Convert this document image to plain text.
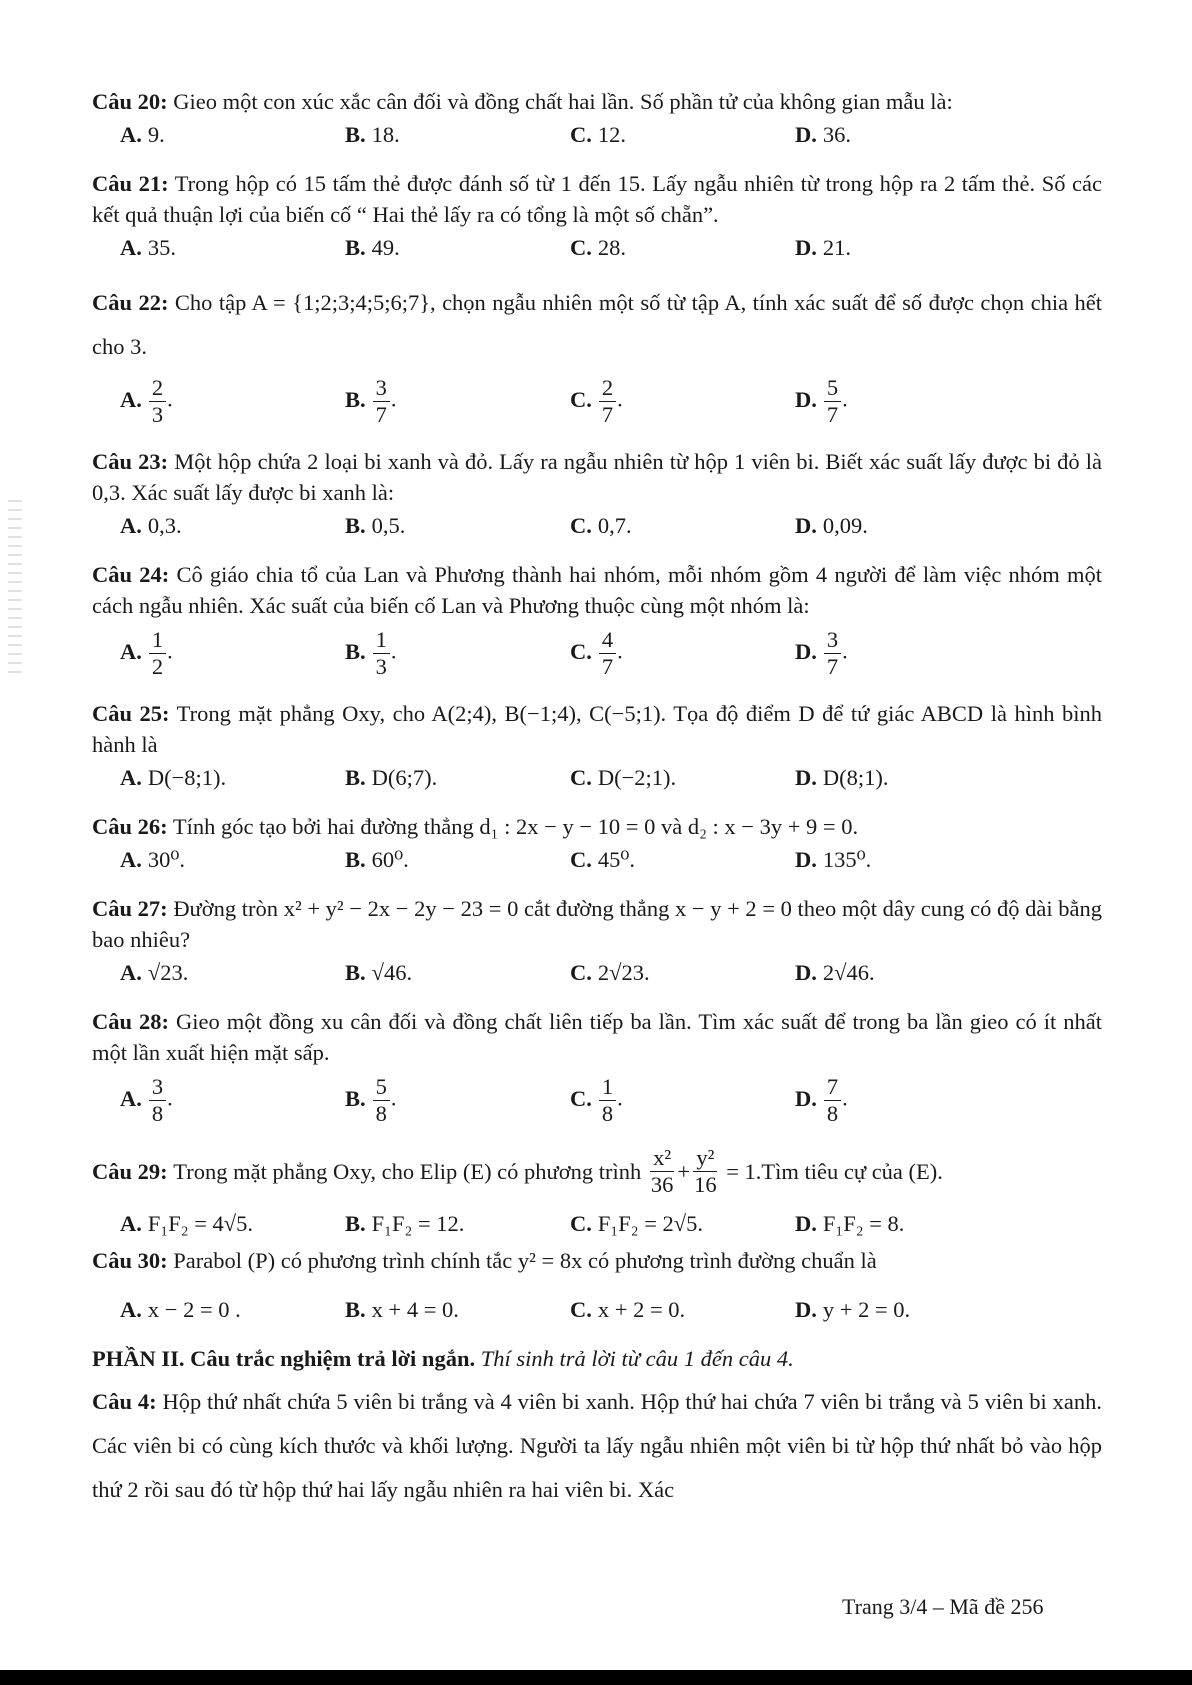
Câu 20: Gieo một con xúc xắc cân đối và đồng chất hai lần. Số phần tử của không gian mẫu là:
A. 9.	B. 18.	C. 12.	D. 36.
Câu 21: Trong hộp có 15 tấm thẻ được đánh số từ 1 đến 15. Lấy ngẫu nhiên từ trong hộp ra 2 tấm thẻ. Số các kết quả thuận lợi của biến cố “ Hai thẻ lấy ra có tổng là một số chẵn”.
A. 35.	B. 49.	C. 28.	D. 21.
Câu 22: Cho tập A = {1;2;3;4;5;6;7}, chọn ngẫu nhiên một số từ tập A, tính xác suất để số được chọn chia hết cho 3.
A. $\frac{2}{3}$ .	B. $\frac{3}{7}$ .	C. $\frac{2}{7}$ .	D. $\frac{5}{7}$ .
Câu 23: Một hộp chứa 2 loại bi xanh và đỏ. Lấy ra ngẫu nhiên từ hộp 1 viên bi. Biết xác suất lấy được bi đỏ là 0,3. Xác suất lấy được bi xanh là:
A. 0,3.	B. 0,5.	C. 0,7.	D. 0,09.
Câu 24: Cô giáo chia tổ của Lan và Phương thành hai nhóm, mỗi nhóm gồm 4 người để làm việc nhóm một cách ngẫu nhiên. Xác suất của biến cố Lan và Phương thuộc cùng một nhóm là:
A. $\frac{1}{2}$ .	B. $\frac{1}{3}$ .	C. $\frac{4}{7}$ .	D. $\frac{3}{7}$ .
Câu 25: Trong mặt phẳng Oxy, cho A(2;4), B(−1;4), C(−5;1). Tọa độ điểm D để tứ giác ABCD là hình bình hành là
A. D(−8;1).	B. D(6;7).	C. D(−2;1).	D. D(8;1).
Câu 26: Tính góc tạo bởi hai đường thẳng d₁ : 2x − y − 10 = 0 và d₂ : x − 3y + 9 = 0.
A. 30⁰.	B. 60⁰.	C. 45⁰.	D. 135⁰.
Câu 27: Đường tròn x² + y² − 2x − 2y − 23 = 0 cắt đường thẳng x − y + 2 = 0 theo một dây cung có độ dài bằng bao nhiêu?
A. √23.	B. √46.	C. 2√23.	D. 2√46.
Câu 28: Gieo một đồng xu cân đối và đồng chất liên tiếp ba lần. Tìm xác suất để trong ba lần gieo có ít nhất một lần xuất hiện mặt sấp.
A. $\frac{3}{8}$ .	B. $\frac{5}{8}$ .	C. $\frac{1}{8}$ .	D. $\frac{7}{8}$ .
Câu 29:
Trong mặt phẳng Oxy, cho Elip (E) có phương trình
$\frac{\text{x²}}{36} + \frac{\text{y²}}{16}$
= 1.Tìm tiêu cự của (E).
A. F₁F₂ = 4√5.	B. F₁F₂ = 12.	C. F₁F₂ = 2√5.	D. F₁F₂ = 8.
Câu 30: Parabol (P) có phương trình chính tắc y² = 8x có phương trình đường chuẩn là
A. x − 2 = 0 .	B. x + 4 = 0.	C. x + 2 = 0.	D. y + 2 = 0.
PHẦN II. Câu trắc nghiệm trả lời ngắn. Thí sinh trả lời từ câu 1 đến câu 4.
Câu 4: Hộp thứ nhất chứa 5 viên bi trắng và 4 viên bi xanh. Hộp thứ hai chứa 7 viên bi trắng và 5 viên bi xanh. Các viên bi có cùng kích thước và khối lượng. Người ta lấy ngẫu nhiên một viên bi từ hộp thứ nhất bỏ vào hộp thứ 2 rồi sau đó từ hộp thứ hai lấy ngẫu nhiên ra hai viên bi. Xác
Trang 3/4 – Mã đề 256
